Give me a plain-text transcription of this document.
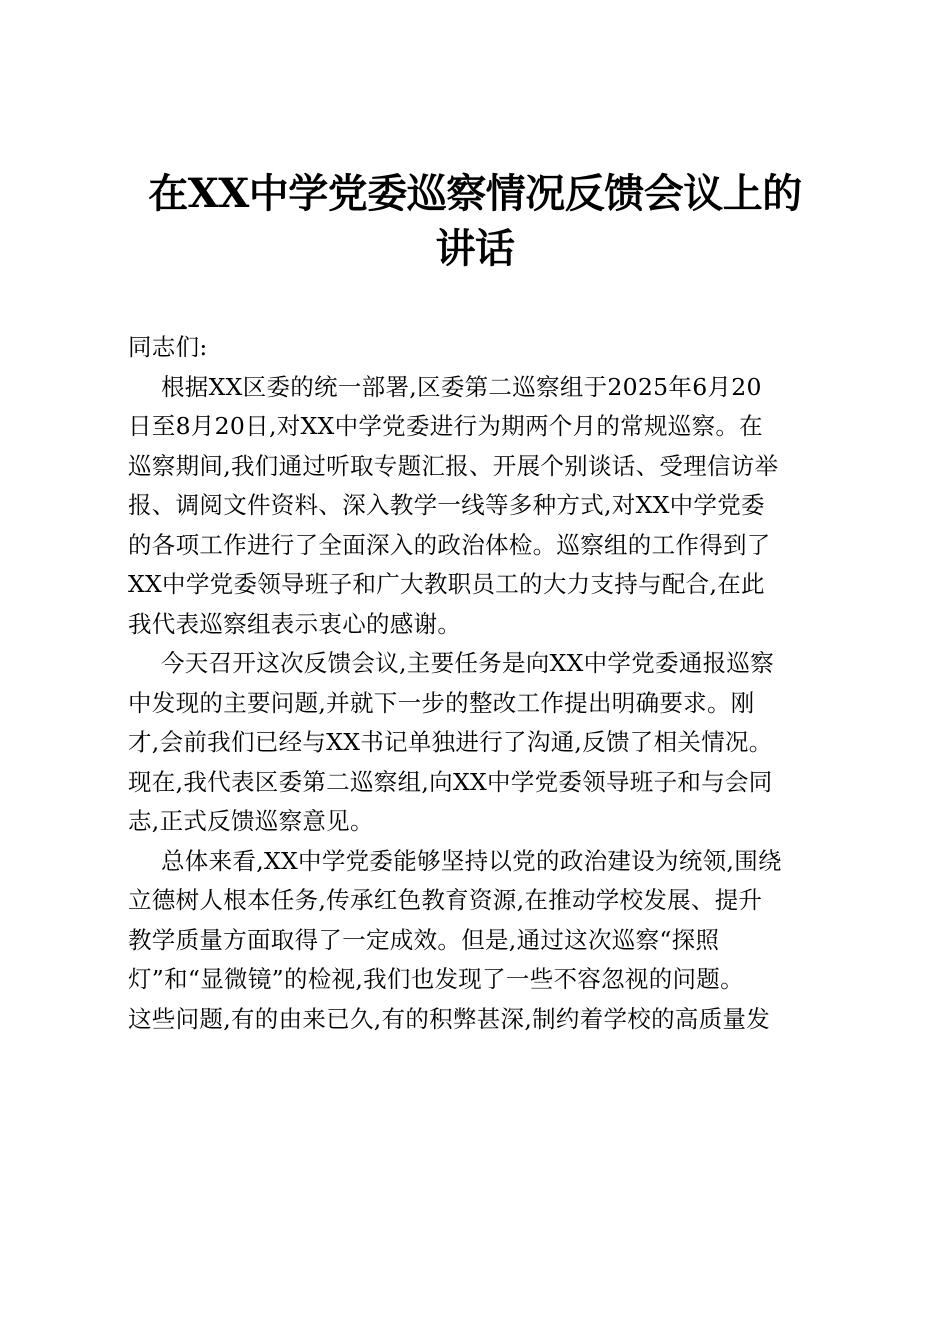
在XX中学党委巡察情况反馈会议上的
讲话
同志们:
根据XX区委的统一部署,区委第二巡察组于2025年6月20
日至8月20日,对XX中学党委进行为期两个月的常规巡察。在
巡察期间,我们通过听取专题汇报、开展个别谈话、受理信访举
报、调阅文件资料、深入教学一线等多种方式,对XX中学党委
的各项工作进行了全面深入的政治体检。巡察组的工作得到了
XX中学党委领导班子和广大教职员工的大力支持与配合,在此
我代表巡察组表示衷心的感谢。
今天召开这次反馈会议,主要任务是向XX中学党委通报巡察
中发现的主要问题,并就下一步的整改工作提出明确要求。刚
才,会前我们已经与XX书记单独进行了沟通,反馈了相关情况。
现在,我代表区委第二巡察组,向XX中学党委领导班子和与会同
志,正式反馈巡察意见。
总体来看,XX中学党委能够坚持以党的政治建设为统领,围绕
立德树人根本任务,传承红色教育资源,在推动学校发展、提升
教学质量方面取得了一定成效。但是,通过这次巡察“探照
灯”和“显微镜”的检视,我们也发现了一些不容忽视的问题。
这些问题,有的由来已久,有的积弊甚深,制约着学校的高质量发
